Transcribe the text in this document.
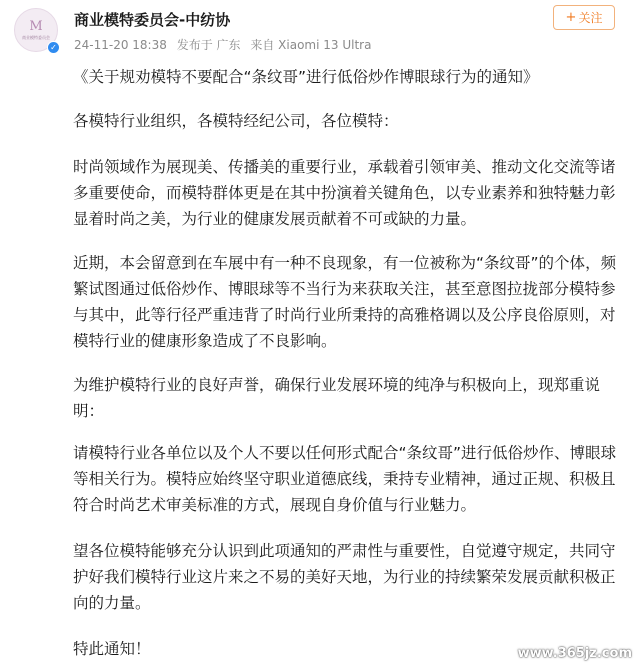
M
商业模特委员会
✓
商业模特委员会-中纺协
24-11-20 18:38 发布于 广东 来自 Xiaomi 13 Ultra
+ 关注

《关于规劝模特不要配合“条纹哥”进行低俗炒作博眼球行为的通知》

各模特行业组织，各模特经纪公司，各位模特：

时尚领域作为展现美、传播美的重要行业，承载着引领审美、推动文化交流等诸多重要使命，而模特群体更是在其中扮演着关键角色，以专业素养和独特魅力彰显着时尚之美，为行业的健康发展贡献着不可或缺的力量。

近期，本会留意到在车展中有一种不良现象，有一位被称为“条纹哥”的个体，频繁试图通过低俗炒作、博眼球等不当行为来获取关注，甚至意图拉拢部分模特参与其中，此等行径严重违背了时尚行业所秉持的高雅格调以及公序良俗原则，对模特行业的健康形象造成了不良影响。

为维护模特行业的良好声誉，确保行业发展环境的纯净与积极向上，现郑重说明：

请模特行业各单位以及个人不要以任何形式配合“条纹哥”进行低俗炒作、博眼球等相关行为。模特应始终坚守职业道德底线，秉持专业精神，通过正规、积极且符合时尚艺术审美标准的方式，展现自身价值与行业魅力。

望各位模特能够充分认识到此项通知的严肃性与重要性，自觉遵守规定，共同守护好我们模特行业这片来之不易的美好天地，为行业的持续繁荣发展贡献积极正向的力量。

特此通知！	www.365jz.com
